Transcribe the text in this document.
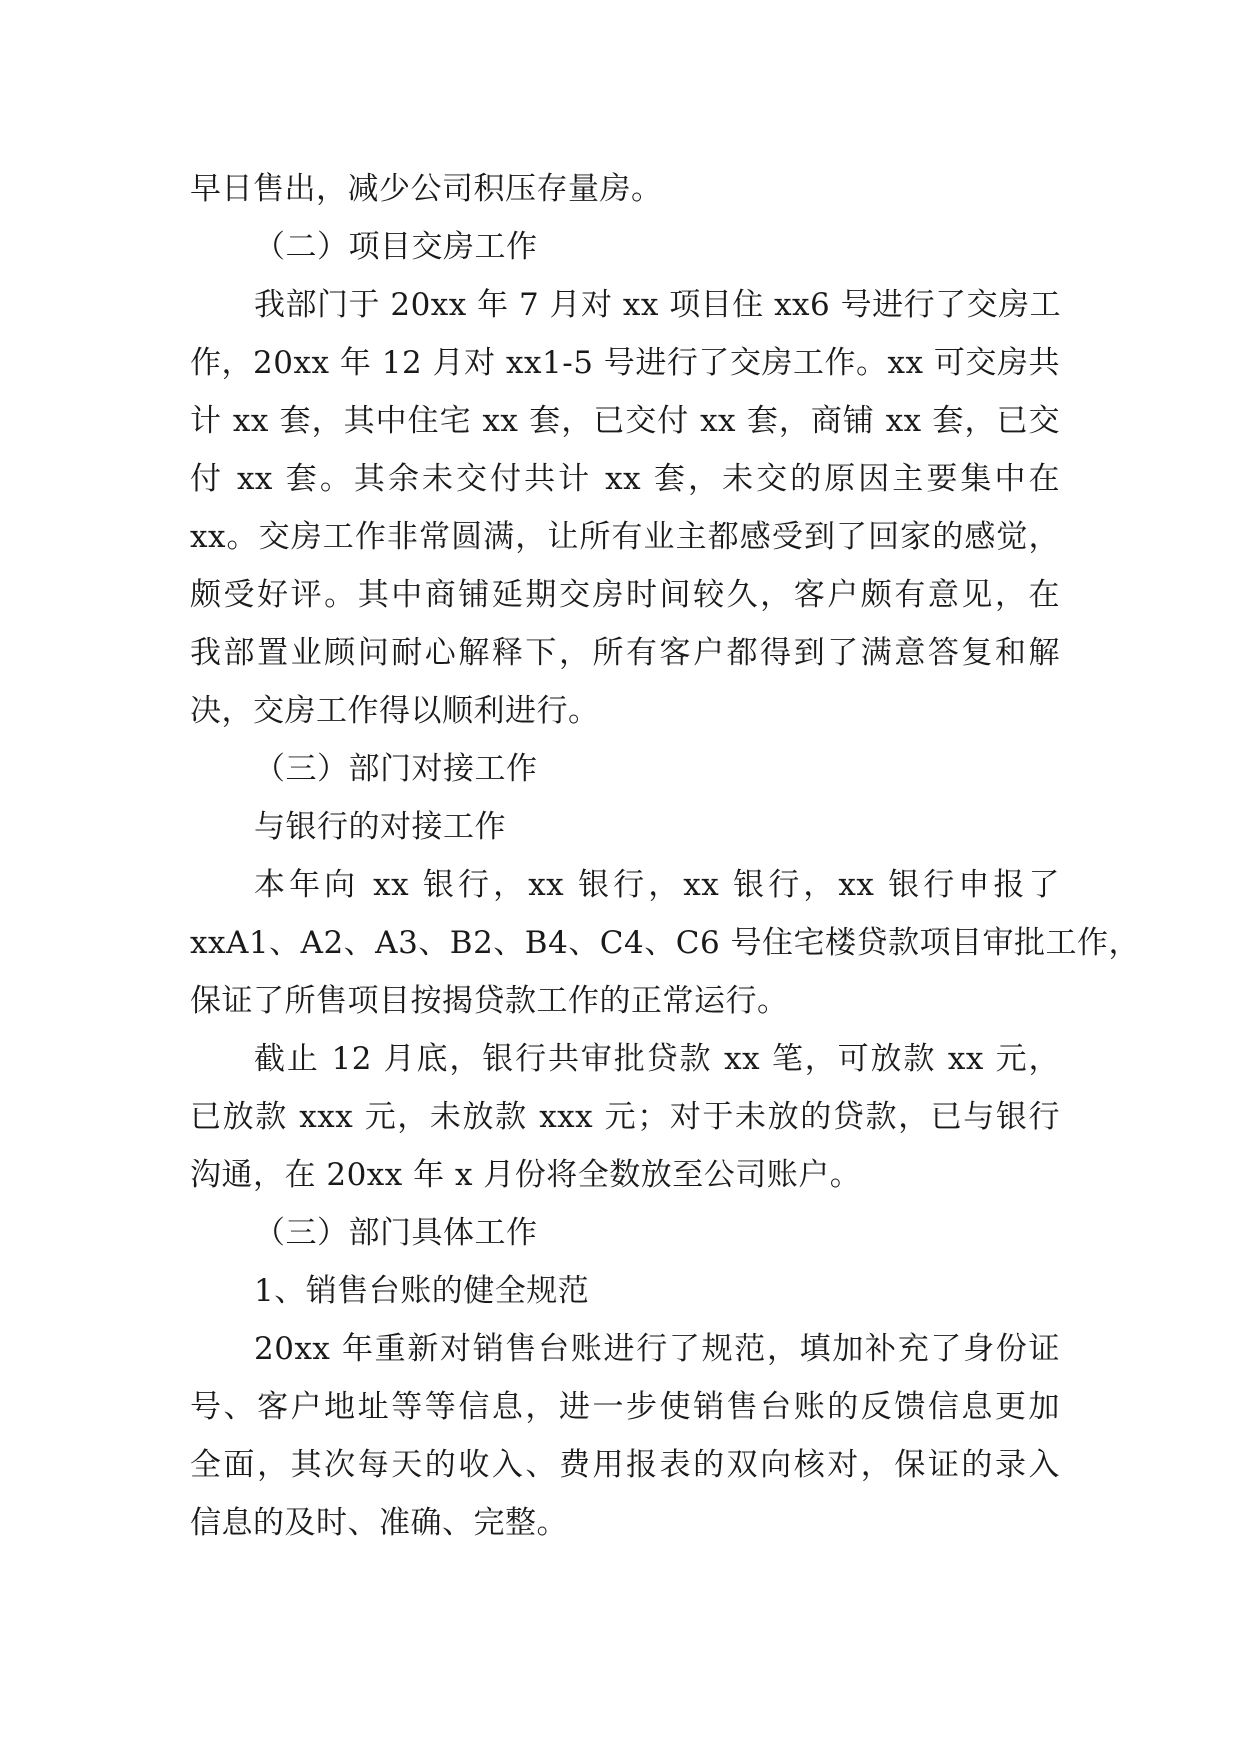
早日售出，减少公司积压存量房。
（二）项目交房工作
我部门于 20xx 年 7 月对 xx 项目住 xx6 号进行了交房工
作，20xx 年 12 月对 xx1-5 号进行了交房工作。xx 可交房共
计 xx 套，其中住宅 xx 套，已交付 xx 套，商铺 xx 套，已交
付 xx 套。其余未交付共计 xx 套，未交的原因主要集中在
xx。交房工作非常圆满，让所有业主都感受到了回家的感觉，
颇受好评。其中商铺延期交房时间较久，客户颇有意见，在
我部置业顾问耐心解释下，所有客户都得到了满意答复和解
决，交房工作得以顺利进行。
（三）部门对接工作
与银行的对接工作
本年向 xx 银行，xx 银行，xx 银行，xx 银行申报了
xxA1、A2、A3、B2、B4、C4、C6 号住宅楼贷款项目审批工作，
保证了所售项目按揭贷款工作的正常运行。
截止 12 月底，银行共审批贷款 xx 笔，可放款 xx 元，
已放款 xxx 元，未放款 xxx 元；对于未放的贷款，已与银行
沟通，在 20xx 年 x 月份将全数放至公司账户。
（三）部门具体工作
1、销售台账的健全规范
20xx 年重新对销售台账进行了规范，填加补充了身份证
号、客户地址等等信息，进一步使销售台账的反馈信息更加
全面，其次每天的收入、费用报表的双向核对，保证的录入
信息的及时、准确、完整。
